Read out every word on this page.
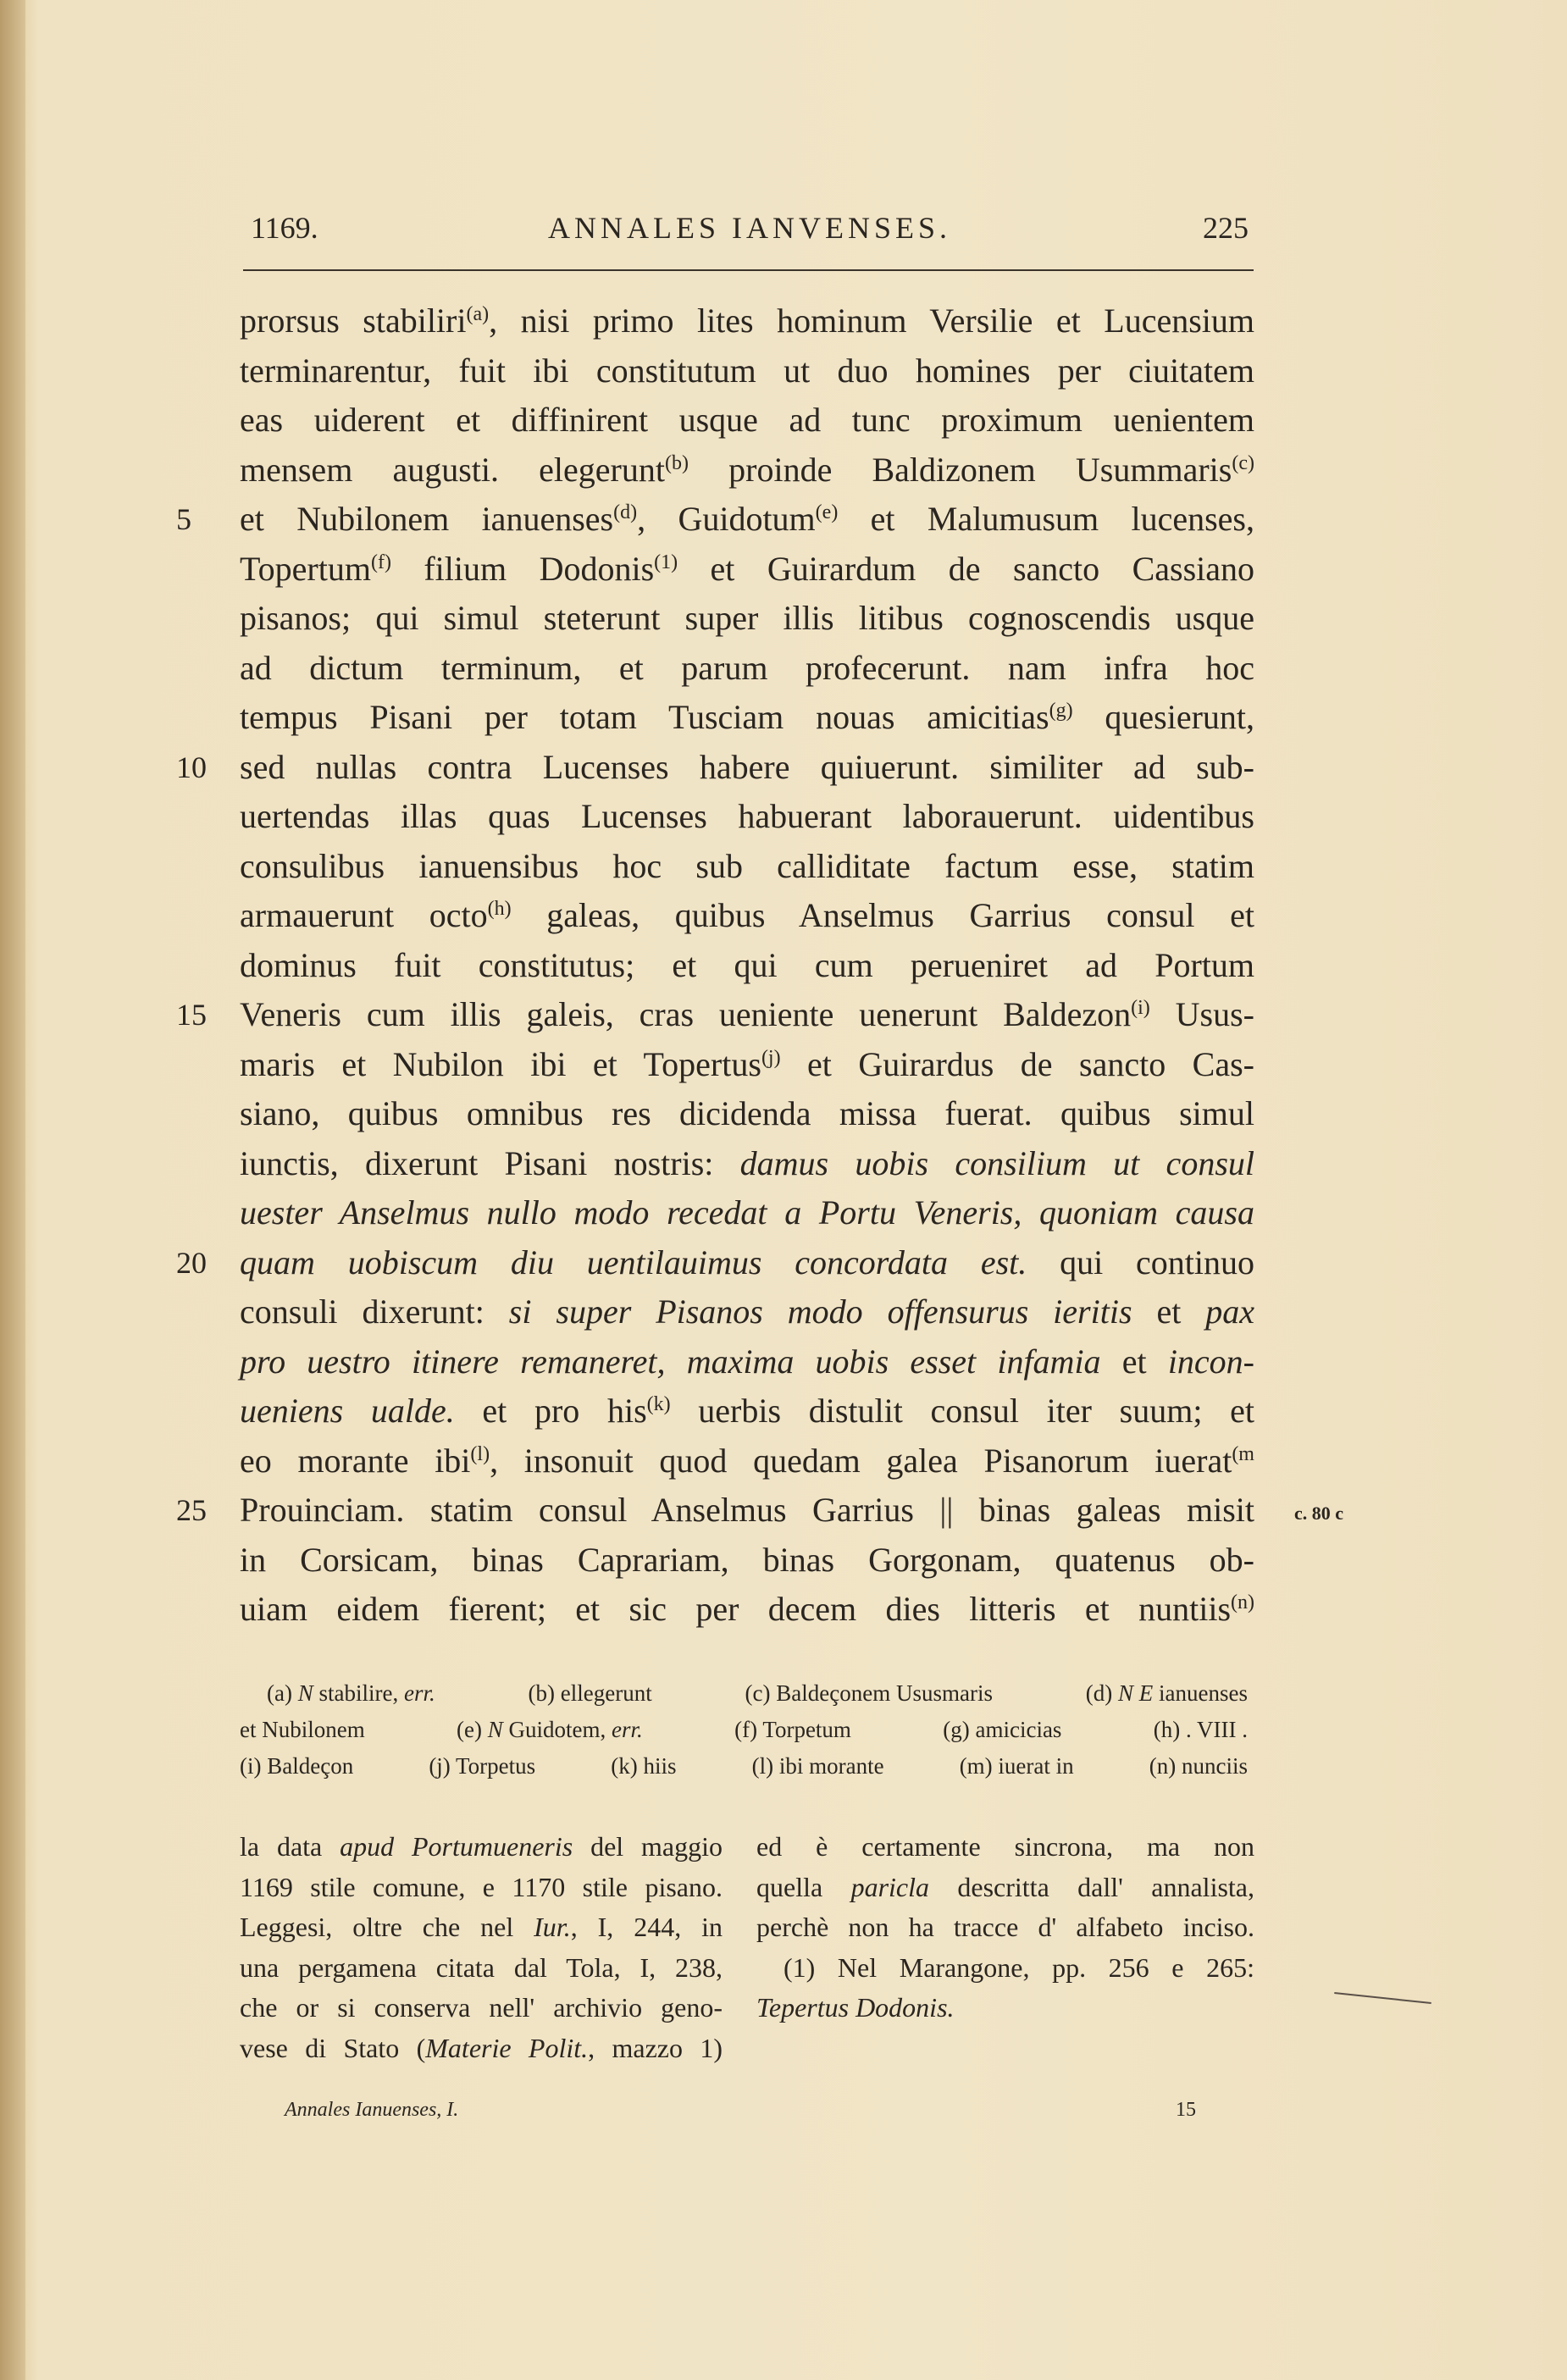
1169.	ANNALES IANVENSES.	225
prorsus stabiliri$^{(a)}$, nisi primo lites hominum Versilie et Lucensium
terminarentur, fuit ibi constitutum ut duo homines per ciuitatem
eas uiderent et diffinirent usque ad tunc proximum uenientem
mensem augusti. elegerunt$^{(b)}$ proinde Baldizonem Usummaris$^{(c)}$
5 et Nubilonem ianuenses$^{(d)}$, Guidotum$^{(e)}$ et Malumusum lucenses,
Topertum$^{(f)}$ filium Dodonis$^{(1)}$ et Guirardum de sancto Cassiano
pisanos; qui simul steterunt super illis litibus cognoscendis usque
ad dictum terminum, et parum profecerunt. nam infra hoc
tempus Pisani per totam Tusciam nouas amicitias$^{(g)}$ quesierunt,
10 sed nullas contra Lucenses habere quiuerunt. similiter ad sub-
uertendas illas quas Lucenses habuerant laborauerunt. uidentibus
consulibus ianuensibus hoc sub calliditate factum esse, statim
armauerunt octo$^{(h)}$ galeas, quibus Anselmus Garrius consul et
dominus fuit constitutus; et qui cum perueniret ad Portum
15 Veneris cum illis galeis, cras ueniente uenerunt Baldezon$^{(i)}$ Usus-
maris et Nubilon ibi et Topertus$^{(j)}$ et Guirardus de sancto Cas-
siano, quibus omnibus res dicidenda missa fuerat. quibus simul
iunctis, dixerunt Pisani nostris: damus uobis consilium ut consul
uester Anselmus nullo modo recedat a Portu Veneris, quoniam causa
20 quam uobiscum diu uentilauimus concordata est. qui continuo
consuli dixerunt: si super Pisanos modo offensurus ieritis et pax
pro uestro itinere remaneret, maxima uobis esset infamia et incon-
ueniens ualde. et pro his$^{(k)}$ uerbis distulit consul iter suum; et
eo morante ibi$^{(l)}$, insonuit quod quedam galea Pisanorum iuerat$^{(m}$
25	c. 80 c
Prouinciam. statim consul Anselmus Garrius || binas galeas misit
in Corsicam, binas Caprariam, binas Gorgonam, quatenus ob-
uiam eidem fierent; et sic per decem dies litteris et nuntiis$^{(n)}$
(a) N stabilire, err.	(b) ellegerunt	(c) Baldeçonem Ususmaris	(d) N E ianuenses
et Nubilonem	(e) N Guidotem, err.	(f) Torpetum	(g) amicicias	(h) . VIII .
(i) Baldeçon	(j) Torpetus	(k) hiis	(l) ibi morante	(m) iuerat in	(n) nunciis
la data apud Portumueneris del maggio
1169 stile comune, e 1170 stile pisano.
Leggesi, oltre che nel Iur., I, 244, in
una pergamena citata dal Tola, I, 238,
che or si conserva nell' archivio geno-
vese di Stato (Materie Polit., mazzo 1)
ed è certamente sincrona, ma non
quella paricla descritta dall' annalista,
perchè non ha tracce d' alfabeto inciso.
(1) Nel Marangone, pp. 256 e 265:
Tepertus Dodonis.
Annales Ianuenses, I.	15
